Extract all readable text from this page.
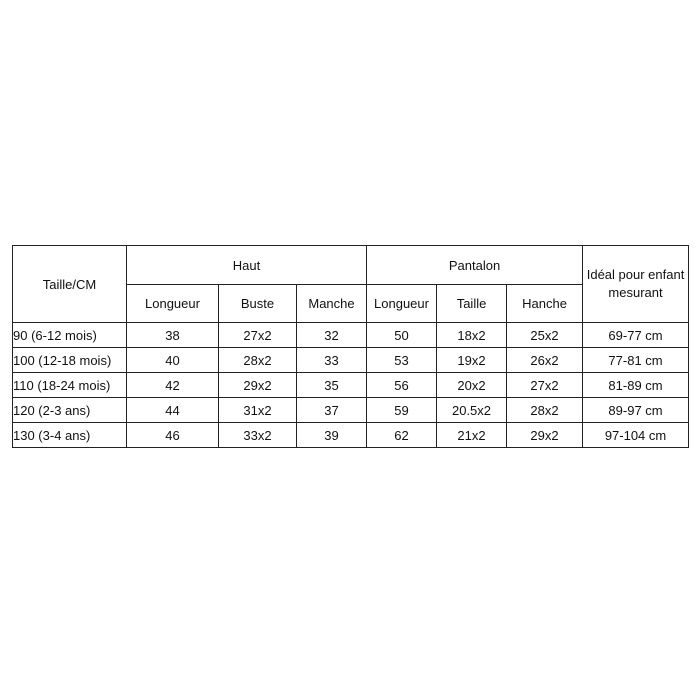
Taille/CM	Haut			Pantalon			Idéal pour enfant mesurant
	Longueur	Buste	Manche	Longueur	Taille	Hanche	
90 (6-12 mois)	38	27x2	32	50	18x2	25x2	69-77 cm
100 (12-18 mois)	40	28x2	33	53	19x2	26x2	77-81 cm
110 (18-24 mois)	42	29x2	35	56	20x2	27x2	81-89 cm
120 (2-3 ans)	44	31x2	37	59	20.5x2	28x2	89-97 cm
130 (3-4 ans)	46	33x2	39	62	21x2	29x2	97-104 cm
